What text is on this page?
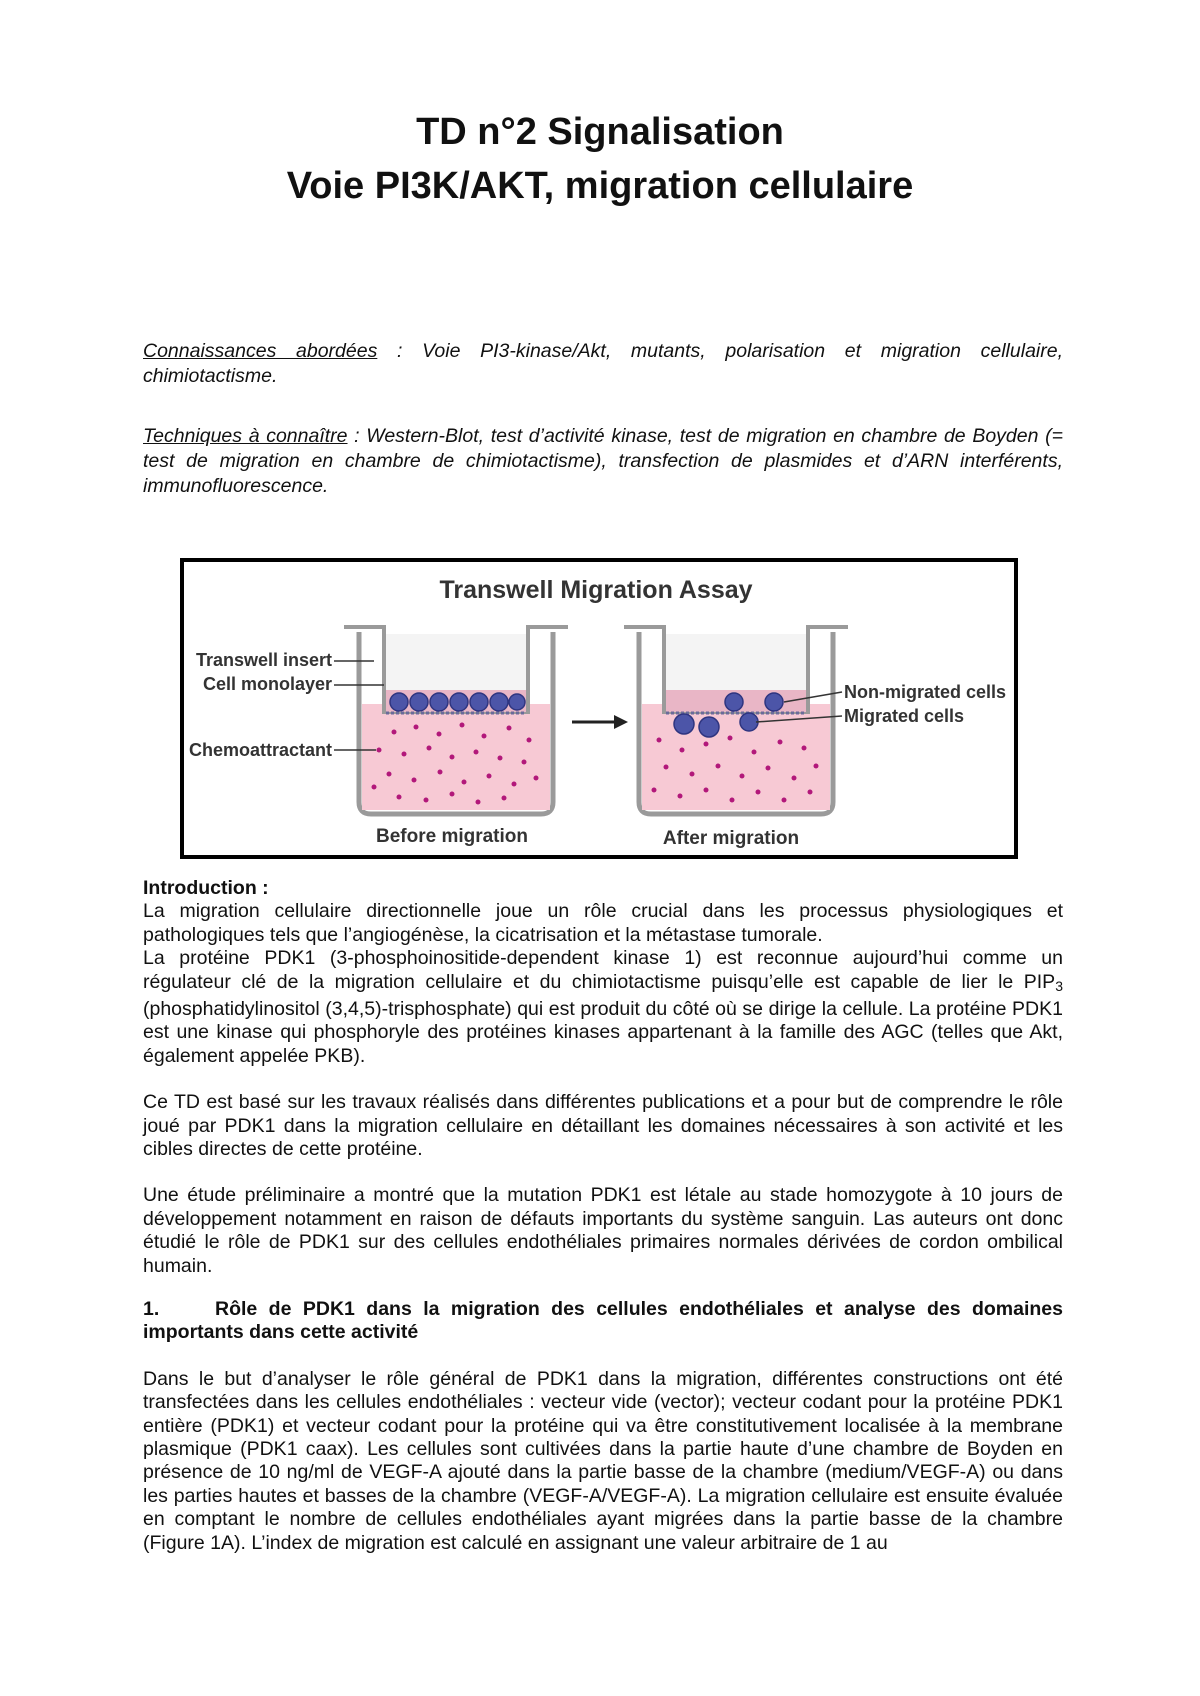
TD n°2 Signalisation
Voie PI3K/AKT, migration cellulaire

Connaissances abordées : Voie PI3-kinase/Akt, mutants, polarisation et migration cellulaire, chimiotactisme.

Techniques à connaître : Western-Blot, test d’activité kinase, test de migration en chambre de Boyden (= test de migration en chambre de chimiotactisme), transfection de plasmides et d’ARN interférents, immunofluorescence.

Transwell Migration Assay
Transwell insert
Cell monolayer
Chemoattractant
Non-migrated cells
Migrated cells
Before migration	After migration

Introduction :

La migration cellulaire directionnelle joue un rôle crucial dans les processus physiologiques et pathologiques tels que l’angiogénèse, la cicatrisation et la métastase tumorale.

La protéine PDK1 (3-phosphoinositide-dependent kinase 1) est reconnue aujourd’hui comme un régulateur clé de la migration cellulaire et du chimiotactisme puisqu’elle est capable de lier le $PIP_3$ (phosphatidylinositol (3,4,5)-trisphosphate) qui est produit du côté où se dirige la cellule. La protéine PDK1 est une kinase qui phosphoryle des protéines kinases appartenant à la famille des AGC (telles que Akt, également appelée PKB).

Ce TD est basé sur les travaux réalisés dans différentes publications et a pour but de comprendre le rôle joué par PDK1 dans la migration cellulaire en détaillant les domaines nécessaires à son activité et les cibles directes de cette protéine.

Une étude préliminaire a montré que la mutation PDK1 est létale au stade homozygote à 10 jours de développement notamment en raison de défauts importants du système sanguin. Las auteurs ont donc étudié le rôle de PDK1 sur des cellules endothéliales primaires normales dérivées de cordon ombilical humain.

1.	Rôle de PDK1 dans la migration des cellules endothéliales et analyse des domaines importants dans cette activité

Dans le but d’analyser le rôle général de PDK1 dans la migration, différentes constructions ont été transfectées dans les cellules endothéliales : vecteur vide (vector); vecteur codant pour la protéine PDK1 entière (PDK1) et vecteur codant pour la protéine qui va être constitutivement localisée à la membrane plasmique (PDK1 caax). Les cellules sont cultivées dans la partie haute d’une chambre de Boyden en présence de 10 ng/ml de VEGF-A ajouté dans la partie basse de la chambre (medium/VEGF-A) ou dans les parties hautes et basses de la chambre (VEGF-A/VEGF-A). La migration cellulaire est ensuite évaluée en comptant le nombre de cellules endothéliales ayant migrées dans la partie basse de la chambre (Figure 1A). L’index de migration est calculé en assignant une valeur arbitraire de 1 au
